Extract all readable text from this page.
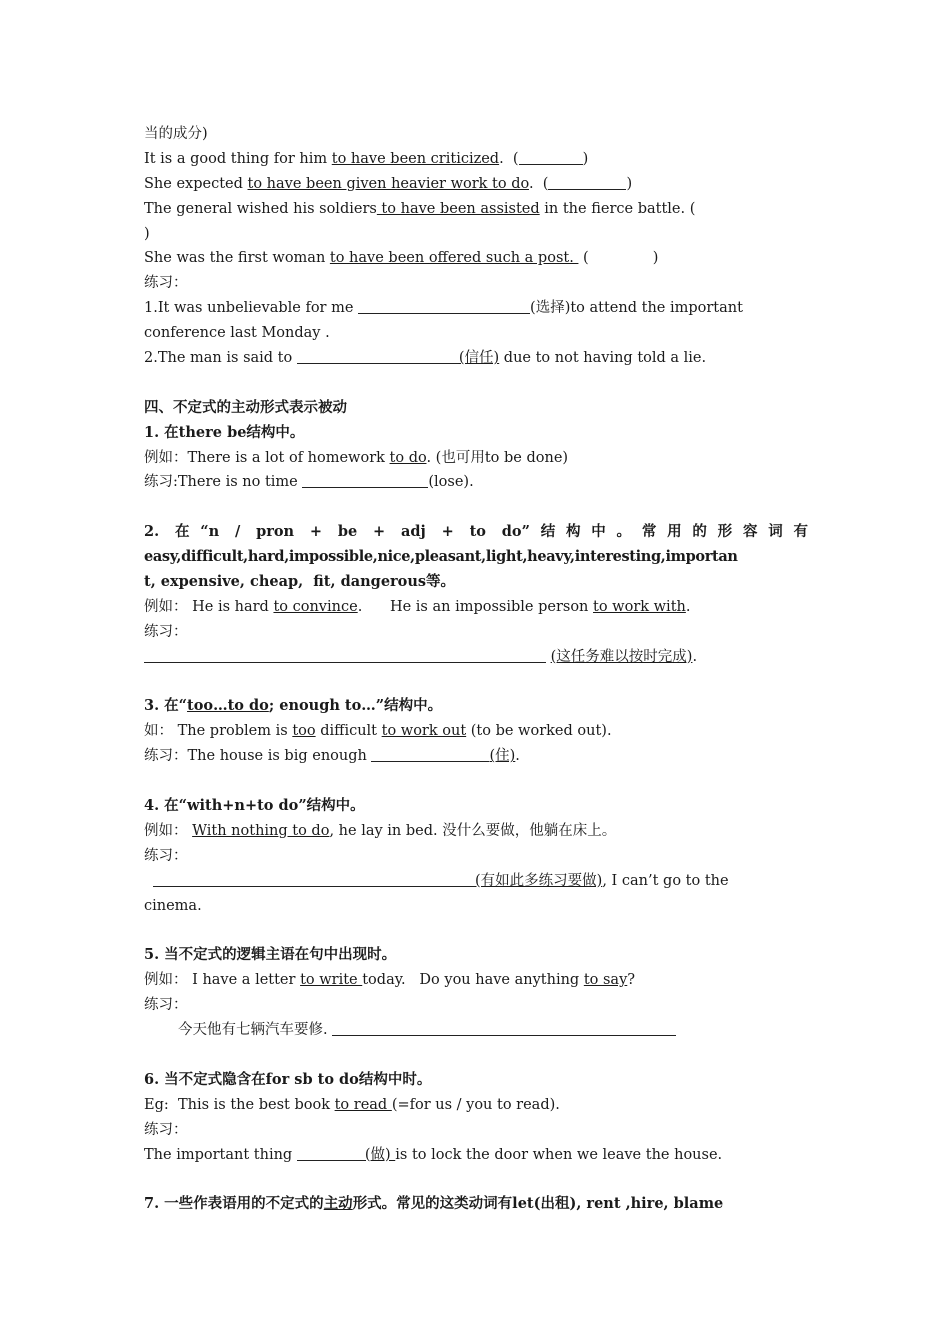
当的成分)
It is a good thing for him to have been criticized.  (	)
She expected to have been given heavier work to do.  (	)
The general wished his soldiers to have been assisted in the fierce battle. (
)
She was the first woman to have been offered such a post.  (	)
练习：
1.It was unbelievable for me	(选择)to attend the important
conference last Monday .
2.The man is said to	(信任) due to not having told a lie.
四、不定式的主动形式表示被动
1. 在there be结构中。
例如：There is a lot of homework to do. (也可用to be done)
练习:There is no time	(lose).
2. 在“n / pron + be + adj + to do”结构中。常用的形容词有
easy,difficult,hard,impossible,nice,pleasant,light,heavy,interesting,importan
t, expensive, cheap,  fit, dangerous等。
例如： He is hard to convince.      He is an impossible person to work with.
练习：
(这任务难以按时完成).
3. 在“too…to do; enough to…”结构中。
如： The problem is too difficult to work out (to be worked out).
练习：The house is big enough	(住).
4. 在“with+n+to do”结构中。
例如： With nothing to do, he lay in bed. 没什么要做，他躺在床上。
练习：
(有如此多练习要做), I can’t go to the
cinema.
5. 当不定式的逻辑主语在句中出现时。
例如： I have a letter to write today.   Do you have anything to say?
练习：
今天他有七辆汽车要修.
6. 当不定式隐含在for sb to do结构中时。
Eg:  This is the best book to read (=for us / you to read).
练习：
The important thing	(做) is to lock the door when we leave the house.
7. 一些作表语用的不定式的主动形式。常见的这类动词有let(出租), rent ,hire, blame
